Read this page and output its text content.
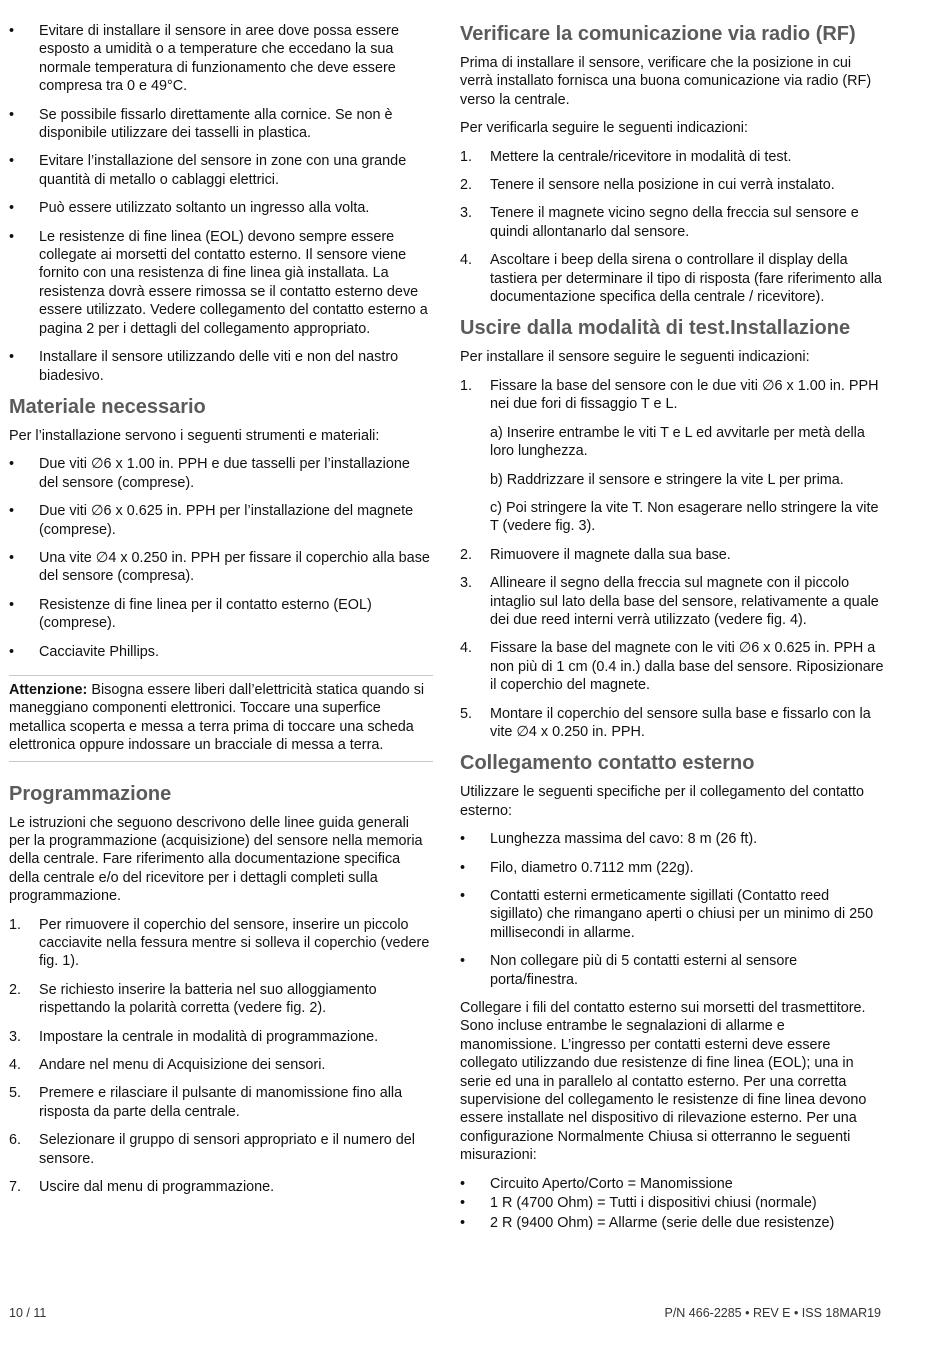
• Evitare di installare il sensore in aree dove possa essere esposto a umidità o a temperature che eccedano la sua normale temperatura di funzionamento che deve essere compresa tra 0 e 49°C.
• Se possibile fissarlo direttamente alla cornice. Se non è disponibile utilizzare dei tasselli in plastica.
• Evitare l’installazione del sensore in zone con una grande quantità di metallo o cablaggi elettrici.
• Può essere utilizzato soltanto un ingresso alla volta.
• Le resistenze di fine linea (EOL) devono sempre essere collegate ai morsetti del contatto esterno. Il sensore viene fornito con una resistenza di fine linea già installata. La resistenza dovrà essere rimossa se il contatto esterno deve essere utilizzato. Vedere collegamento del contatto esterno a pagina 2 per i dettagli del collegamento appropriato.
• Installare il sensore utilizzando delle viti e non del nastro biadesivo.
Materiale necessario

Per l’installazione servono i seguenti strumenti e materiali:

• Due viti ∅6 x 1.00 in. PPH e due tasselli per l’installazione del sensore (comprese).
• Due viti ∅6 x 0.625 in. PPH per l’installazione del magnete (comprese).
• Una vite ∅4 x 0.250 in. PPH per fissare il coperchio alla base del sensore (compresa).
• Resistenze di fine linea per il contatto esterno (EOL) (comprese).
• Cacciavite Phillips.
Attenzione: Bisogna essere liberi dall’elettricità statica quando si maneggiano componenti elettronici. Toccare una superfice metallica scoperta e messa a terra prima di toccare una scheda elettronica oppure indossare un bracciale di messa a terra.
Programmazione

Le istruzioni che seguono descrivono delle linee guida generali per la programmazione (acquisizione) del sensore nella memoria della centrale. Fare riferimento alla documentazione specifica della centrale e/o del ricevitore per i dettagli completi sulla programmazione.

1. Per rimuovere il coperchio del sensore, inserire un piccolo cacciavite nella fessura mentre si solleva il coperchio (vedere fig. 1).
2. Se richiesto inserire la batteria nel suo alloggiamento rispettando la polarità corretta (vedere fig. 2).
3. Impostare la centrale in modalità di programmazione.
4. Andare nel menu di Acquisizione dei sensori.
5. Premere e rilasciare il pulsante di manomissione fino alla risposta da parte della centrale.
6. Selezionare il gruppo di sensori appropriato e il numero del sensore.
7. Uscire dal menu di programmazione.
Verificare la comunicazione via radio (RF)

Prima di installare il sensore, verificare che la posizione in cui verrà installato fornisca una buona comunicazione via radio (RF) verso la centrale.

Per verificarla seguire le seguenti indicazioni:

1. Mettere la centrale/ricevitore in modalità di test.
2. Tenere il sensore nella posizione in cui verrà instalato.
3. Tenere il magnete vicino segno della freccia sul sensore e quindi allontanarlo dal sensore.
4. Ascoltare i beep della sirena o controllare il display della tastiera per determinare il tipo di risposta (fare riferimento alla documentazione specifica della centrale / ricevitore).
Uscire dalla modalità di test.Installazione

Per installare il sensore seguire le seguenti indicazioni:

1. Fissare la base del sensore con le due viti ∅6 x 1.00 in. PPH nei due fori di fissaggio T e L.
a) Inserire entrambe le viti T e L ed avvitarle per metà della loro lunghezza.
b) Raddrizzare il sensore e stringere la vite L per prima.
c) Poi stringere la vite T. Non esagerare nello stringere la vite T (vedere fig. 3).
2. Rimuovere il magnete dalla sua base.
3. Allineare il segno della freccia sul magnete con il piccolo intaglio sul lato della base del sensore, relativamente a quale dei due reed interni verrà utilizzato (vedere fig. 4).
4. Fissare la base del magnete con le viti ∅6 x 0.625 in. PPH a non più di 1 cm (0.4 in.) dalla base del sensore. Riposizionare il coperchio del magnete.
5. Montare il coperchio del sensore sulla base e fissarlo con la vite ∅4 x 0.250 in. PPH.
Collegamento contatto esterno

Utilizzare le seguenti specifiche per il collegamento del contatto esterno:

• Lunghezza massima del cavo: 8 m (26 ft).
• Filo, diametro 0.7112 mm (22g).
• Contatti esterni ermeticamente sigillati (Contatto reed sigillato) che rimangano aperti o chiusi per un minimo di 250 millisecondi in allarme.
• Non collegare più di 5 contatti esterni al sensore porta/finestra.

Collegare i fili del contatto esterno sui morsetti del trasmettitore. Sono incluse entrambe le segnalazioni di allarme e manomissione. L’ingresso per contatti esterni deve essere collegato utilizzando due resistenze di fine linea (EOL); una in serie ed una in parallelo al contatto esterno. Per una corretta supervisione del collegamento le resistenze di fine linea devono essere installate nel dispositivo di rilevazione esterno. Per una configurazione Normalmente Chiusa si otterranno le seguenti misurazioni:

• Circuito Aperto/Corto = Manomissione
• 1 R (4700 Ohm) = Tutti i dispositivi chiusi (normale)
• 2 R (9400 Ohm) = Allarme (serie delle due resistenze)
10 / 11	P/N 466-2285 • REV E • ISS 18MAR19
